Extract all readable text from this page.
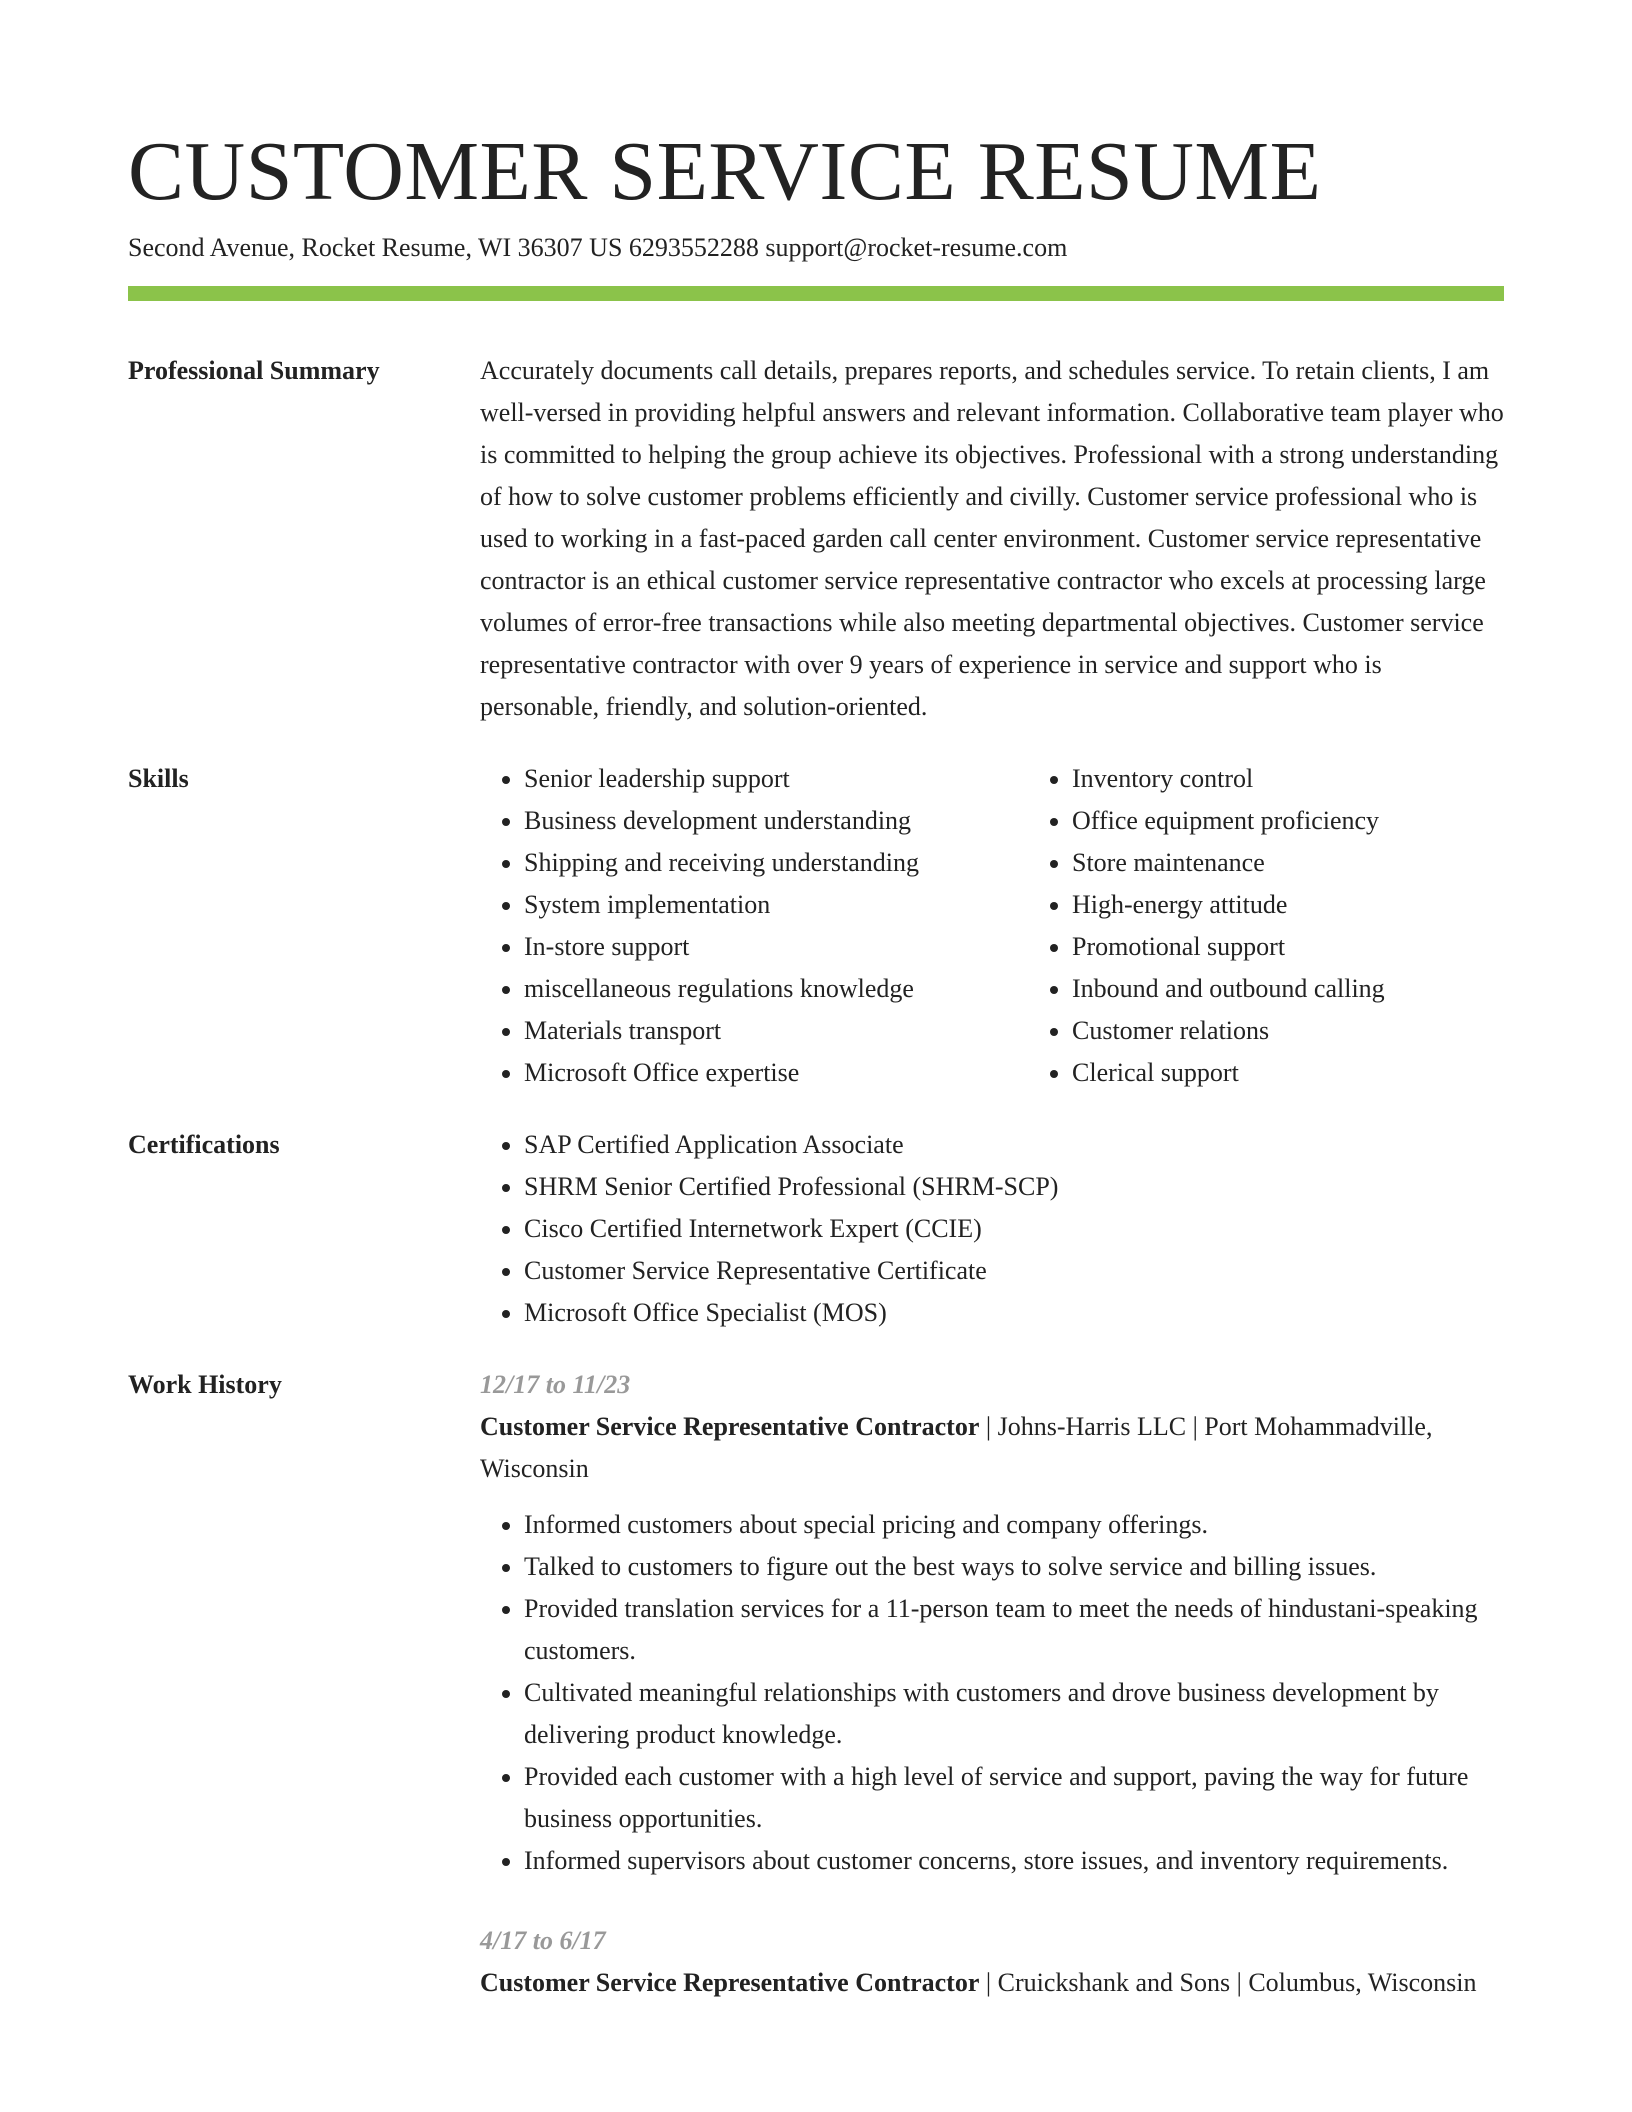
CUSTOMER SERVICE RESUME
Second Avenue, Rocket Resume, WI 36307 US 6293552288 support@rocket-resume.com
Professional Summary	Accurately documents call details, prepares reports, and schedules service. To retain clients, I am well-versed in providing helpful answers and relevant information. Collaborative team player who is committed to helping the group achieve its objectives. Professional with a strong understanding of how to solve customer problems efficiently and civilly. Customer service professional who is used to working in a fast-paced garden call center environment. Customer service representative contractor is an ethical customer service representative contractor who excels at processing large volumes of error-free transactions while also meeting departmental objectives. Customer service representative contractor with over 9 years of experience in service and support who is personable, friendly, and solution-oriented.

Skills	• Senior leadership support
• Business development understanding
• Shipping and receiving understanding
• System implementation
• In-store support
• miscellaneous regulations knowledge
• Materials transport
• Microsoft Office expertise
• Inventory control
• Office equipment proficiency
• Store maintenance
• High-energy attitude
• Promotional support
• Inbound and outbound calling
• Customer relations
• Clerical support
Certifications	• SAP Certified Application Associate
• SHRM Senior Certified Professional (SHRM-SCP)
• Cisco Certified Internetwork Expert (CCIE)
• Customer Service Representative Certificate
• Microsoft Office Specialist (MOS)
Work History	12/17 to 11/23
Customer Service Representative Contractor | Johns-Harris LLC | Port Mohammadville, Wisconsin
• Informed customers about special pricing and company offerings.
• Talked to customers to figure out the best ways to solve service and billing issues.
• Provided translation services for a 11-person team to meet the needs of hindustani-speaking customers.
• Cultivated meaningful relationships with customers and drove business development by delivering product knowledge.
• Provided each customer with a high level of service and support, paving the way for future business opportunities.
• Informed supervisors about customer concerns, store issues, and inventory requirements.
4/17 to 6/17
Customer Service Representative Contractor | Cruickshank and Sons | Columbus, Wisconsin
